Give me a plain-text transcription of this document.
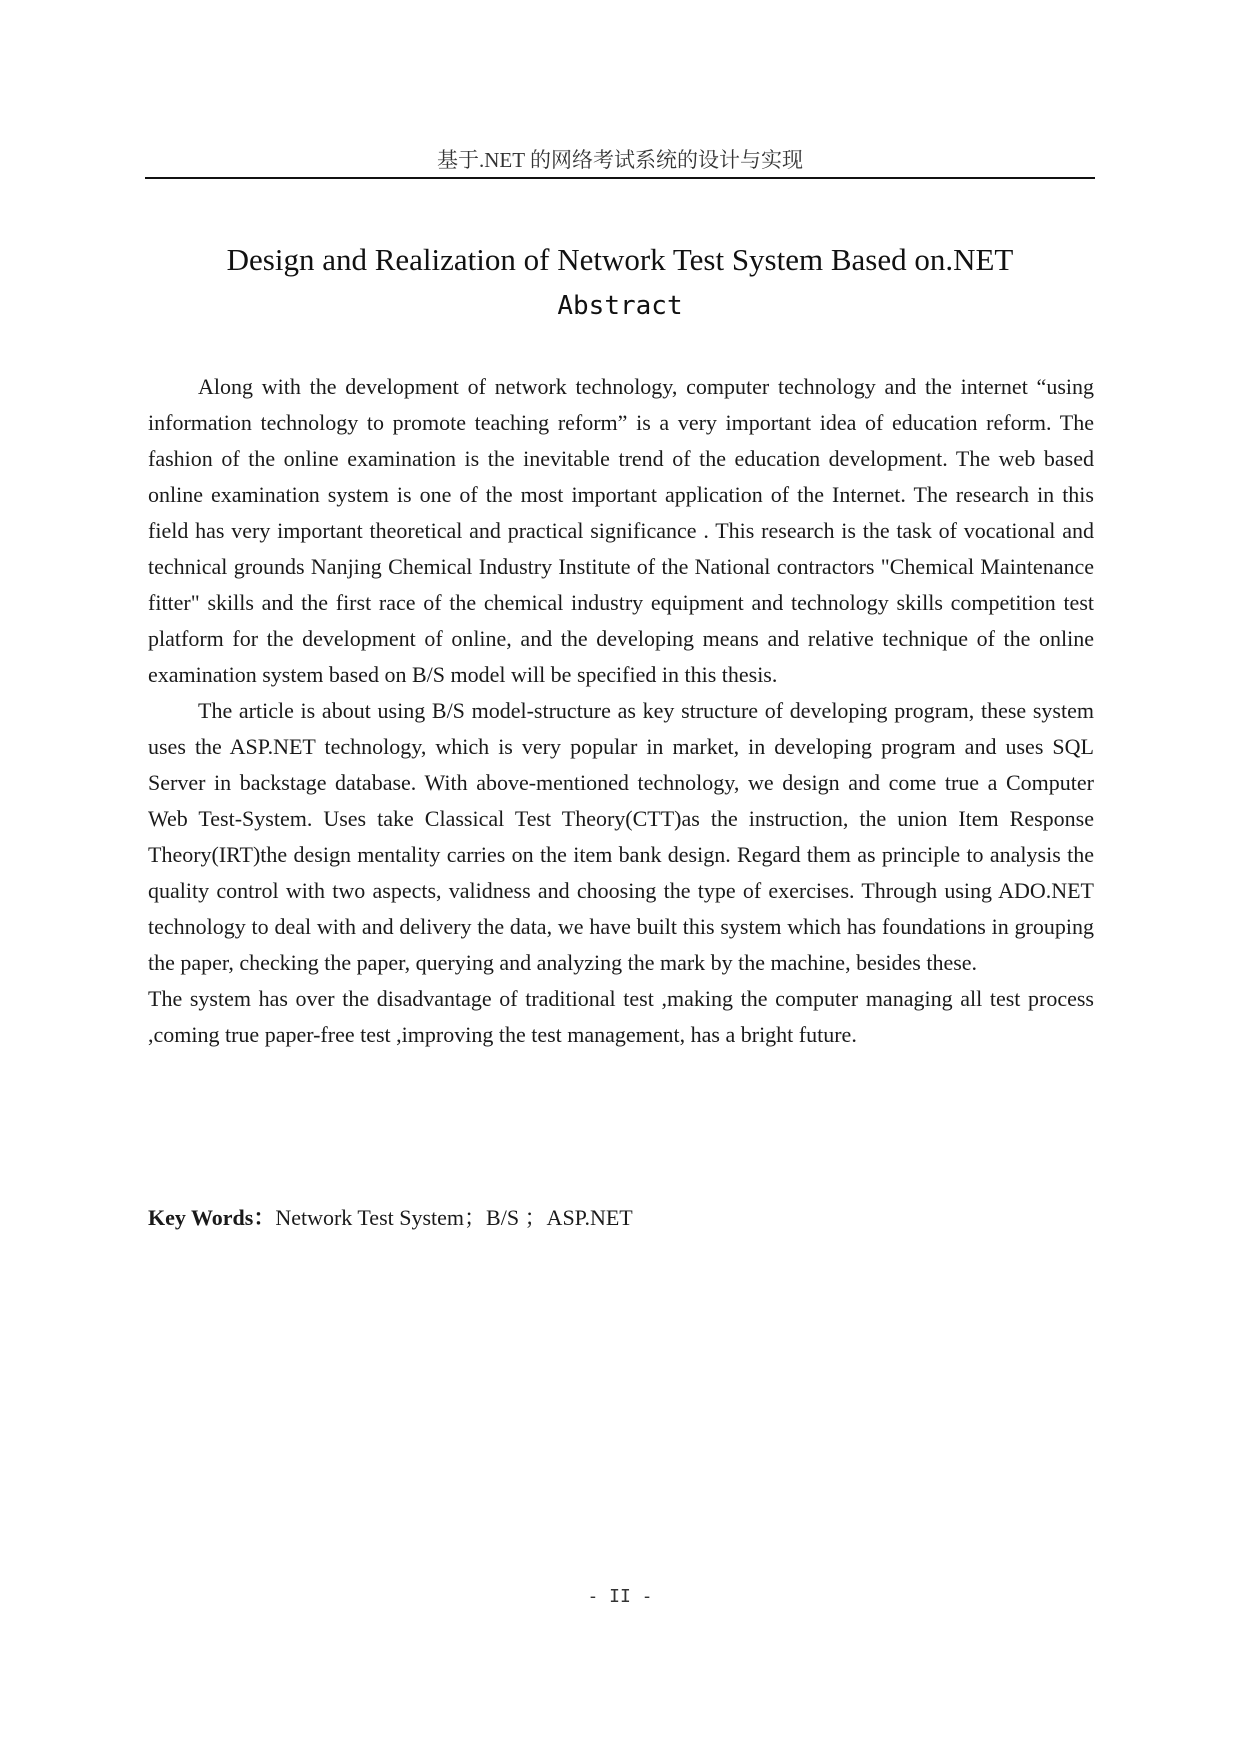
基于.NET 的网络考试系统的设计与实现
Design and Realization of Network Test System Based on.NET
Abstract

Along with the development of network technology, computer technology and the internet “using information technology to promote teaching reform” is a very important idea of education reform. The fashion of the online examination is the inevitable trend of the education development. The web based online examination system is one of the most important application of the Internet. The research in this field has very important theoretical and practical significance . This research is the task of vocational and technical grounds Nanjing Chemical Industry Institute of the National contractors "Chemical Maintenance fitter" skills and the first race of the chemical industry equipment and technology skills competition test platform for the development of online, and the developing means and relative technique of the online examination system based on B/S model will be specified in this thesis.

The article is about using B/S model-structure as key structure of developing program, these system uses the ASP.NET technology, which is very popular in market, in developing program and uses SQL Server in backstage database. With above-mentioned technology, we design and come true a Computer Web Test-System. Uses take Classical Test Theory(CTT)as the instruction, the union Item Response Theory(IRT)the design mentality carries on the item bank design. Regard them as principle to analysis the quality control with two aspects, validness and choosing the type of exercises. Through using ADO.NET technology to deal with and delivery the data, we have built this system which has foundations in grouping the paper, checking the paper, querying and analyzing the mark by the machine, besides these.

The system has over the disadvantage of traditional test ,making the computer managing all test process ,coming true paper-free test ,improving the test management, has a bright future.

Key Words：Network Test System；B/S ；ASP.NET
- II -
